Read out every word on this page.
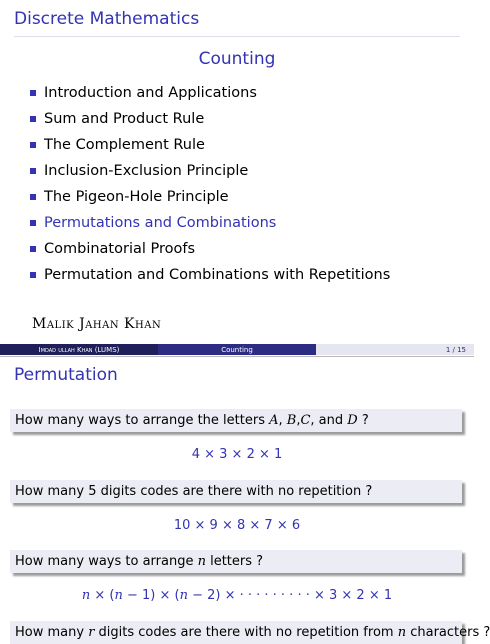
Discrete Mathematics
Counting
Introduction and Applications
Sum and Product Rule
The Complement Rule
Inclusion-Exclusion Principle
The Pigeon-Hole Principle
Permutations and Combinations
Combinatorial Proofs
Permutation and Combinations with Repetitions
Malik Jahan Khan
Imdad ullah Khan (LUMS)	Counting	1 / 15
Permutation
How many ways to arrange the letters A, B,C, and D ?
4 × 3 × 2 × 1
How many 5 digits codes are there with no repetition ?
10 × 9 × 8 × 7 × 6
How many ways to arrange n letters ?
n × (n − 1) × (n − 2) × · · · · · · · · · × 3 × 2 × 1
How many r digits codes are there with no repetition from n characters ?
